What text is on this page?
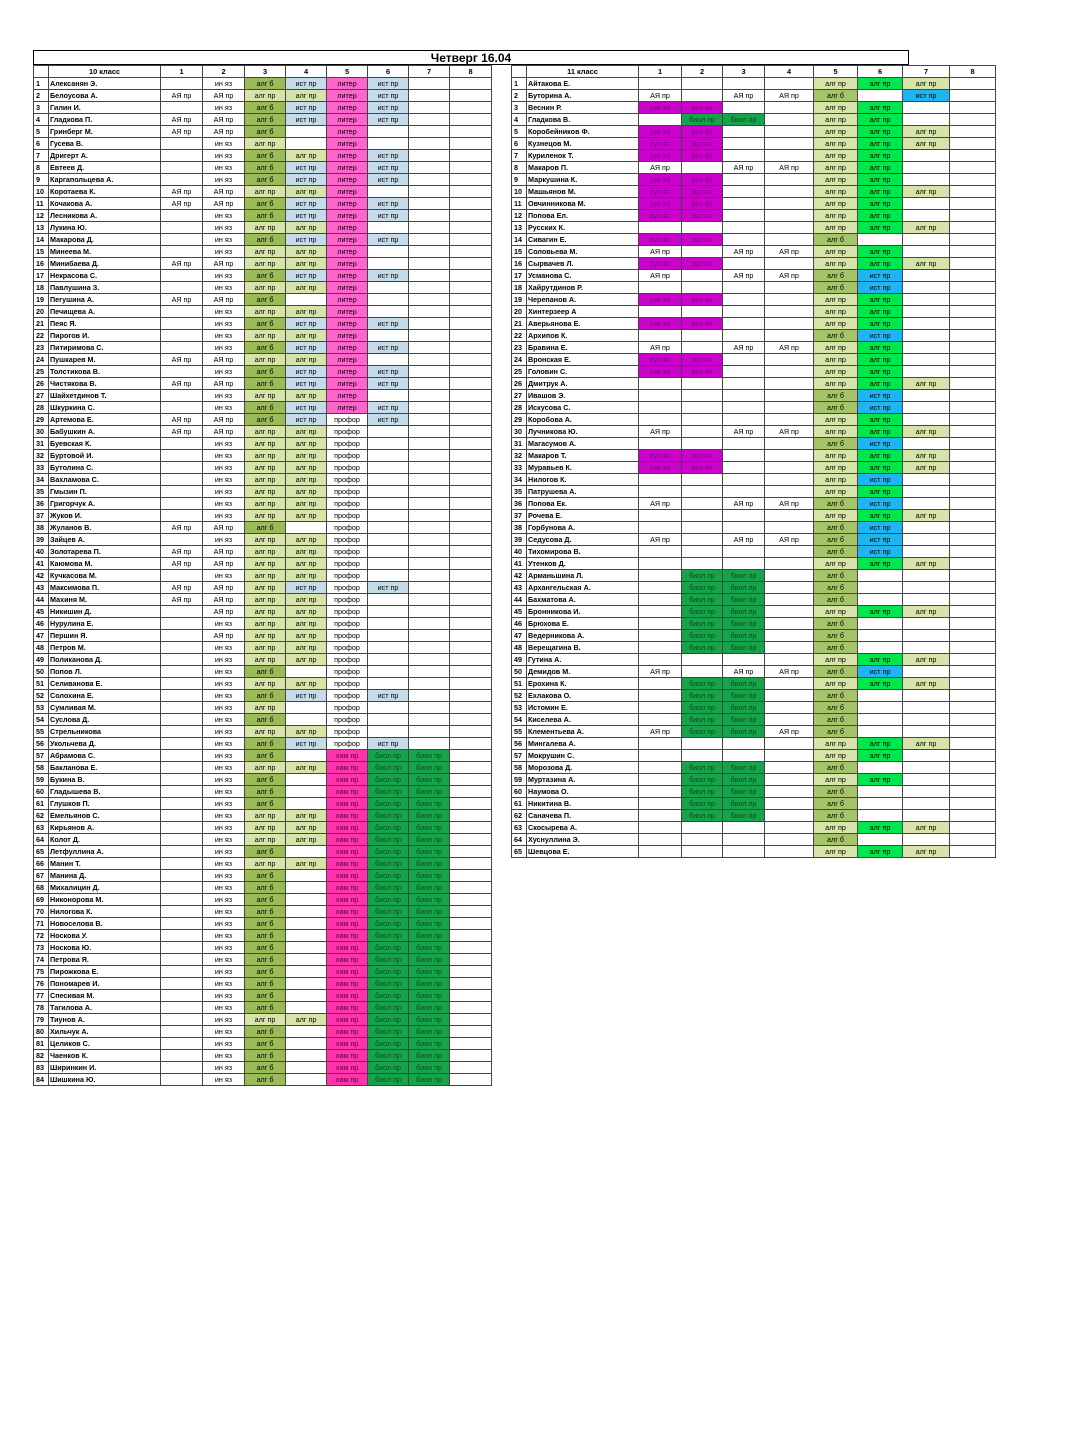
Четверг 16.04
	10 класс	1	2	3	4	5	6	7	8
1	Алексанян Э.		ин яз	алг б	ист пр	литер	ист пр		
2	Белоусова А.	АЯ пр	АЯ пр	алг пр	алг пр	литер	ист пр		
3	Гилин И.		ин яз	алг б	ист пр	литер	ист пр		
4	Гладкова П.	АЯ пр	АЯ пр	алг б	ист пр	литер	ист пр		
5	Гринберг М.	АЯ пр	АЯ пр	алг б		литер			
6	Гусева В.		ин яз	алг пр		литер			
7	Дригерт А.		ин яз	алг б	алг пр	литер	ист пр		
8	Евтеев Д.		ин яз	алг б	ист пр	литер	ист пр		
9	Каргапольцева А.		ин яз	алг б	ист пр	литер	ист пр		
10	Коротаева К.	АЯ пр	АЯ пр	алг пр	алг пр	литер			
11	Кочакова А.	АЯ пр	АЯ пр	алг б	ист пр	литер	ист пр		
12	Лесникова А.		ин яз	алг б	ист пр	литер	ист пр		
13	Лукина Ю.		ин яз	алг пр	алг пр	литер			
14	Макарова Д.		ин яз	алг б	ист пр	литер	ист пр		
15	Минеева М.		ин яз	алг пр	алг пр	литер			
16	Минибаева Д.	АЯ пр	АЯ пр	алг пр	алг пр	литер			
17	Некрасова С.		ин яз	алг б	ист пр	литер	ист пр		
18	Павлушина З.		ин яз	алг пр	алг пр	литер			
19	Пегушина А.	АЯ пр	АЯ пр	алг б		литер			
20	Печищева А.		ин яз	алг пр	алг пр	литер			
21	Пеяс Я.		ин яз	алг б	ист пр	литер	ист пр		
22	Пирогов И.		ин яз	алг пр	алг пр	литер			
23	Питиримова С.		ин яз	алг б	ист пр	литер	ист пр		
24	Пушкарев М.	АЯ пр	АЯ пр	алг пр	алг пр	литер			
25	Толстикова В.		ин яз	алг б	ист пр	литер	ист пр		
26	Чистякова В.	АЯ пр	АЯ пр	алг б	ист пр	литер	ист пр		
27	Шайхетдинов Т.		ин яз	алг пр	алг пр	литер			
28	Шкуркина С.		ин яз	алг б	ист пр	литер	ист пр		
29	Артемова Е.	АЯ пр	АЯ пр	алг б	ист пр	профор	ист пр		
30	Бабушкин А.	АЯ пр	АЯ пр	алг пр	алг пр	профор			
31	Буевская К.		ин яз	алг пр	алг пр	профор			
32	Буртовой И.		ин яз	алг пр	алг пр	профор			
33	Бутолина С.		ин яз	алг пр	алг пр	профор			
34	Вахламова С.		ин яз	алг пр	алг пр	профор			
35	Гмызин П.		ин яз	алг пр	алг пр	профор			
36	Григорчук А.		ин яз	алг пр	алг пр	профор			
37	Жуков И.		ин яз	алг пр	алг пр	профор			
38	Жуланов В.	АЯ пр	АЯ пр	алг б		профор			
39	Зайцев А.		ин яз	алг пр	алг пр	профор			
40	Золотарева П.	АЯ пр	АЯ пр	алг пр	алг пр	профор			
41	Каюмова М.	АЯ пр	АЯ пр	алг пр	алг пр	профор			
42	Кучкасова М.		ин яз	алг пр	алг пр	профор			
43	Максимова П.	АЯ пр	АЯ пр	алг пр	ист пр	профор	ист пр		
44	Махиня М.	АЯ пр	АЯ пр	алг пр	алг пр	профор			
45	Никишин Д.		АЯ пр	алг пр	алг пр	профор			
46	Нурулина Е.		ин яз	алг пр	алг пр	профор			
47	Першин Я.		АЯ пр	алг пр	алг пр	профор			
48	Петров М.		ин яз	алг пр	алг пр	профор			
49	Поликанова Д.		ин яз	алг пр	алг пр	профор			
50	Попов Л.		ин яз	алг б		профор			
51	Селиванова Е.		ин яз	алг пр	алг пр	профор			
52	Солохина Е.		ин яз	алг б	ист пр	профор	ист пр		
53	Сумливая М.		ин яз	алг пр		профор			
54	Суслова Д.		ин яз	алг б		профор			
55	Стрельникова		ин яз	алг пр	алг пр	профор			
56	Укольчева Д.		ин яз	алг б	ист пр	профор	ист пр		
57	Абрамова С.		ин яз	алг б		хим пр	биол пр	биол пр	
58	Бакланова Е.		ин яз	алг пр	алг пр	хим пр	биол пр	биол пр	
59	Букина В.		ин яз	алг б		хим пр	биол пр	биол пр	
60	Гладышева В.		ин яз	алг б		хим пр	биол пр	биол пр	
61	Глушков П.		ин яз	алг б		хим пр	биол пр	биол пр	
62	Емельянов С.		ин яз	алг пр	алг пр	хим пр	биол пр	биол пр	
63	Кирьянов А.		ин яз	алг пр	алг пр	хим пр	биол пр	биол пр	
64	Колот Д.		ин яз	алг пр	алг пр	хим пр	биол пр	биол пр	
65	Летфуллина А.		ин яз	алг б		хим пр	биол пр	биол пр	
66	Манин Т.		ин яз	алг пр	алг пр	хим пр	биол пр	биол пр	
67	Манина Д.		ин яз	алг б		хим пр	биол пр	биол пр	
68	Михалицин Д.		ин яз	алг б		хим пр	биол пр	биол пр	
69	Никонорова М.		ин яз	алг б		хим пр	биол пр	биол пр	
70	Нилогова К.		ин яз	алг б		хим пр	биол пр	биол пр	
71	Новоселова В.		ин яз	алг б		хим пр	биол пр	биол пр	
72	Носкова У.		ин яз	алг б		хим пр	биол пр	биол пр	
73	Носкова Ю.		ин яз	алг б		хим пр	биол пр	биол пр	
74	Петрова Я.		ин яз	алг б		хим пр	биол пр	биол пр	
75	Пирожкова Е.		ин яз	алг б		хим пр	биол пр	биол пр	
76	Пономарев И.		ин яз	алг б		хим пр	биол пр	биол пр	
77	Спесивая М.		ин яз	алг б		хим пр	биол пр	биол пр	
78	Тагилова А.		ин яз	алг б		хим пр	биол пр	биол пр	
79	Тиунов А.		ин яз	алг пр	алг пр	хим пр	биол пр	биол пр	
80	Хильчук А.		ин яз	алг б		хим пр	биол пр	биол пр	
81	Целиков С.		ин яз	алг б		хим пр	биол пр	биол пр	
82	Чаенков К.		ин яз	алг б		хим пр	биол пр	биол пр	
83	Ширинкин И.		ин яз	алг б		хим пр	биол пр	биол пр	
84	Шишкина Ю.		ин яз	алг б		хим пр	биол пр	биол пр	
	11 класс	1	2	3	4	5	6	7	8
1	Айтакова Е.					алг пр	алг пр	алг пр	
2	Буторина А.	АЯ пр		АЯ пр	АЯ пр	алг б		ист пр	
3	Веснин Р.	рус яз	рус яз			алг пр	алг пр		
4	Гладкова В.		биол пр	биол пр		алг пр	алг пр		
5	Коробейников Ф.	рус яз	рус яз			алг пр	алг пр	алг пр	
6	Кузнецов М.	рус яз	рус яз			алг пр	алг пр	алг пр	
7	Куриленок Т.	рус яз	рус яз			алг пр	алг пр		
8	Макаров П.	АЯ пр		АЯ пр	АЯ пр	алг пр	алг пр		
9	Маркушина К.	рус яз	рус яз			алг пр	алг пр		
10	Машьянов М.	рус яз	рус яз			алг пр	алг пр	алг пр	
11	Овчинникова М.	рус яз	рус яз			алг пр	алг пр		
12	Попова Ел.	рус яз	рус яз			алг пр	алг пр		
13	Русских К.					алг пр	алг пр	алг пр	
14	Сивагин Е.	рус яз	рус яз			алг б			
15	Соловьева М.	АЯ пр		АЯ пр	АЯ пр	алг пр	алг пр		
16	Сырвачев Л.	рус яз	рус яз			алг пр	алг пр	алг пр	
17	Усманова С.	АЯ пр		АЯ пр	АЯ пр	алг б	ист пр		
18	Хайрутдинов Р.					алг б	ист пр		
19	Черепанов А.	рус яз	рус яз			алг пр	алг пр		
20	Хинтерзеер А					алг пр	алг пр		
21	Аверьянова Е.	рус яз	рус яз			алг пр	алг пр		
22	Архипов К.					алг б	ист пр		
23	Бравина Е.	АЯ пр		АЯ пр	АЯ пр	алг пр	алг пр		
24	Вронская Е.	рус яз	рус яз			алг пр	алг пр		
25	Головин С.	рус яз	рус яз			алг пр	алг пр		
26	Дмитрук А.					алг пр	алг пр	алг пр	
27	Ивашов Э.					алг б	ист пр		
28	Искусова С.					алг б	ист пр		
29	Коробова А.					алг пр	алг пр		
30	Лучникова Ю.	АЯ пр		АЯ пр	АЯ пр	алг пр	алг пр	алг пр	
31	Магасумов А.					алг б	ист пр		
32	Макаров Т.	рус яз	рус яз			алг пр	алг пр	алг пр	
33	Муравьев К.	рус яз	рус яз			алг пр	алг пр	алг пр	
34	Нилогов К.					алг пр	ист пр		
35	Патрушева А.					алг пр	алг пр		
36	Попова Ек.	АЯ пр		АЯ пр	АЯ пр	алг б	ист пр		
37	Рочева Е.					алг пр	алг пр	алг пр	
38	Горбунова А.					алг б	ист пр		
39	Седусова Д.	АЯ пр		АЯ пр	АЯ пр	алг б	ист пр		
40	Тихомирова В.					алг б	ист пр		
41	Утенков Д.					алг пр	алг пр	алг пр	
42	Арманьшина Л.		биол пр	биол пр		алг б			
43	Архангельская А.		биол пр	биол пр		алг б			
44	Бахматова А.		биол пр	биол пр		алг б			
45	Бронникова И.		биол пр	биол пр		алг пр	алг пр	алг пр	
46	Брюхова Е.		биол пр	биол пр		алг б			
47	Ведерникова А.		биол пр	биол пр		алг б			
48	Верещагина В.		биол пр	биол пр		алг б			
49	Гутина А.					алг пр	алг пр	алг пр	
50	Демидов М.	АЯ пр		АЯ пр	АЯ пр	алг б	ист пр		
51	Ерохина К.		биол пр	биол пр		алг пр	алг пр	алг пр	
52	Ехлакова О.		биол пр	биол пр		алг б			
53	Истомин Е.		биол пр	биол пр		алг б			
54	Киселева А.		биол пр	биол пр		алг б			
55	Клементьева А.	АЯ пр	биол пр	биол пр	АЯ пр	алг б			
56	Мингалева А.					алг пр	алг пр	алг пр	
57	Мокрушин С.					алг пр	алг пр		
58	Морозова Д.		биол пр	биол пр		алг б			
59	Муртазина А.		биол пр	биол пр		алг пр	алг пр		
60	Наумова О.		биол пр	биол пр		алг б			
61	Никитина В.		биол пр	биол пр		алг б			
62	Саначева П.		биол пр	биол пр		алг б			
63	Скосырева А.					алг пр	алг пр	алг пр	
64	Хуснуллина Э.					алг б			
65	Шевцова Е.					алг пр	алг пр	алг пр	
